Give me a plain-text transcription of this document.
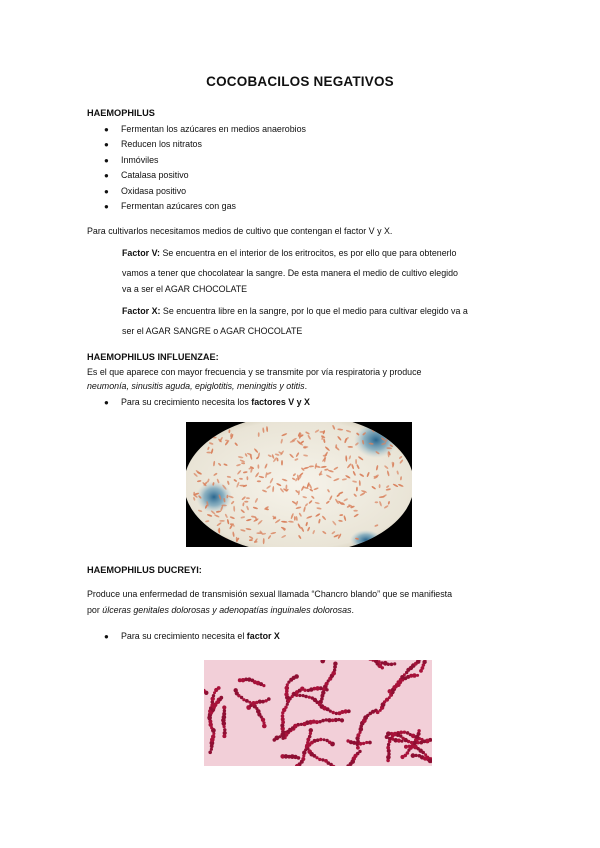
COCOBACILOS NEGATIVOS
HAEMOPHILUS
● Fermentan los azúcares en medios anaerobios
● Reducen los nitratos
● Inmóviles
● Catalasa positivo
● Oxidasa positivo
● Fermentan azúcares con gas
Para cultivarlos necesitamos medios de cultivo que contengan el factor V y X.
Factor V: Se encuentra en el interior de los eritrocitos, es por ello que para obtenerlo
vamos a tener que chocolatear la sangre. De esta manera el medio de cultivo elegido
va a ser el AGAR CHOCOLATE
Factor X: Se encuentra libre en la sangre, por lo que el medio para cultivar elegido va a
ser el AGAR SANGRE o AGAR CHOCOLATE
HAEMOPHILUS INFLUENZAE:
Es el que aparece con mayor frecuencia y se transmite por vía respiratoria y produce
neumonía, sinusitis aguda, epiglotitis, meningitis y otitis.
● Para su crecimiento necesita los factores V y X
HAEMOPHILUS DUCREYI:
Produce una enfermedad de transmisión sexual llamada “Chancro blando” que se manifiesta
por úlceras genitales dolorosas y adenopatías inguinales dolorosas.
● Para su crecimiento necesita el factor X
